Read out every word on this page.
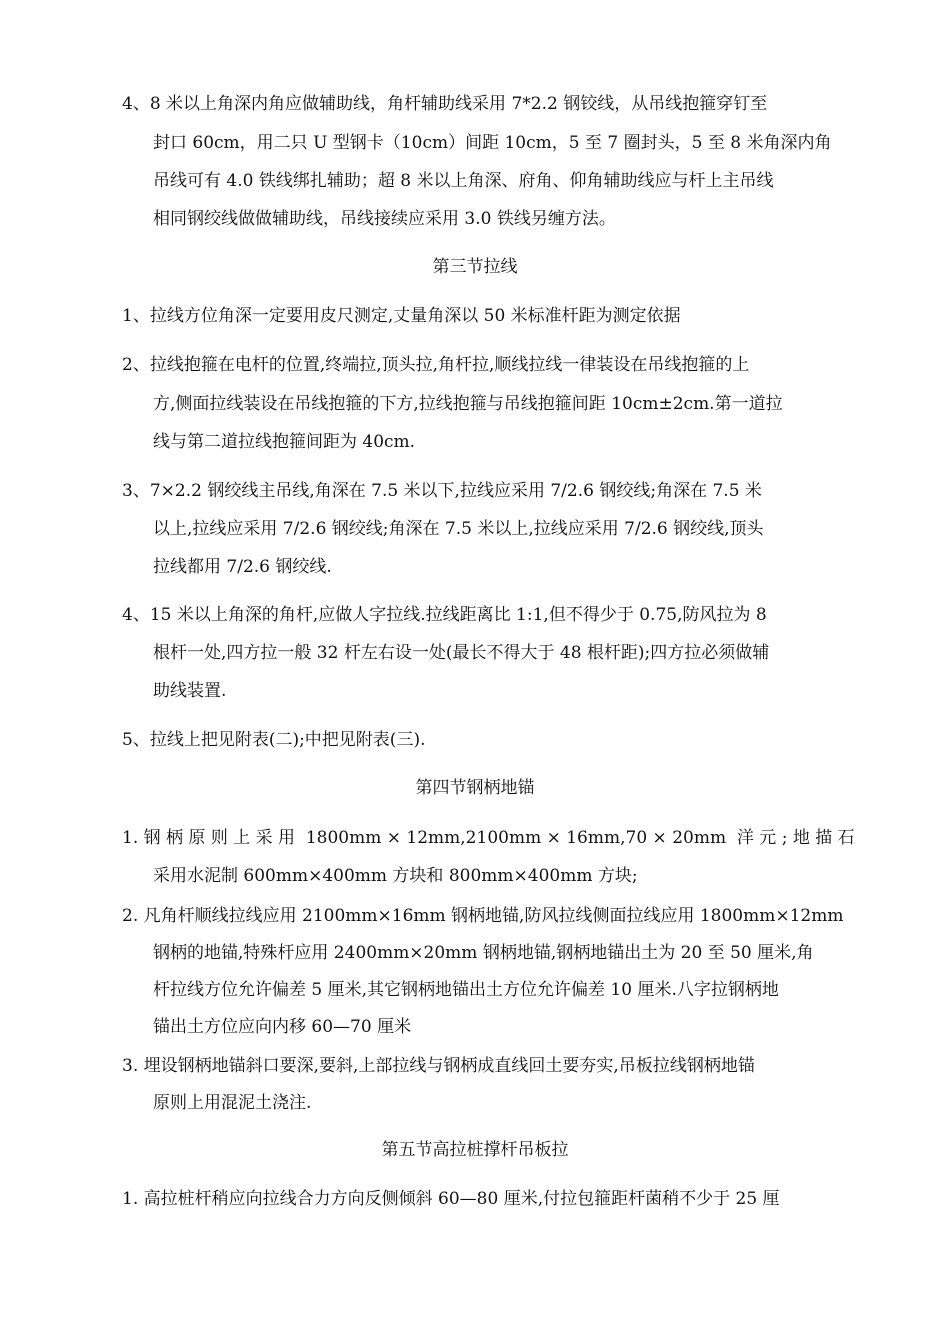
4、8 米以上角深内角应做辅助线，角杆辅助线采用 7*2.2 钢铰线，从吊线抱箍穿钉至
封口 60cm，用二只 U 型钢卡（10cm）间距 10cm，5 至 7 圈封头，5 至 8 米角深内角
吊线可有 4.0 铁线绑扎辅助；超 8 米以上角深、府角、仰角辅助线应与杆上主吊线
相同钢绞线做做辅助线，吊线接续应采用 3.0 铁线另缠方法。
第三节拉线
1、拉线方位角深一定要用皮尺测定,丈量角深以 50 米标准杆距为测定依据
2、拉线抱箍在电杆的位置,终端拉,顶头拉,角杆拉,顺线拉线一律装设在吊线抱箍的上
方,侧面拉线装设在吊线抱箍的下方,拉线抱箍与吊线抱箍间距 10cm±2cm.第一道拉
线与第二道拉线抱箍间距为 40cm.
3、7×2.2 钢绞线主吊线,角深在 7.5 米以下,拉线应采用 7/2.6 钢绞线;角深在 7.5 米
以上,拉线应采用 7/2.6 钢绞线;角深在 7.5 米以上,拉线应采用 7/2.6 钢绞线,顶头
拉线都用 7/2.6 钢绞线.
4、15 米以上角深的角杆,应做人字拉线.拉线距离比 1:1,但不得少于 0.75,防风拉为 8
根杆一处,四方拉一般 32 杆左右设一处(最长不得大于 48 根杆距);四方拉必须做辅
助线装置.
5、拉线上把见附表(二);中把见附表(三).
第四节钢柄地锚
1. 钢 柄 原 则 上 采 用  1800mm × 12mm,2100mm × 16mm,70 × 20mm  洋 元 ; 地 描 石
采用水泥制 600mm×400mm 方块和 800mm×400mm 方块;
2. 凡角杆顺线拉线应用 2100mm×16mm 钢柄地锚,防风拉线侧面拉线应用 1800mm×12mm
钢柄的地锚,特殊杆应用 2400mm×20mm 钢柄地锚,钢柄地锚出土为 20 至 50 厘米,角
杆拉线方位允许偏差 5 厘米,其它钢柄地锚出土方位允许偏差 10 厘米.八字拉钢柄地
锚出土方位应向内移 60—70 厘米
3. 埋设钢柄地锚斜口要深,要斜,上部拉线与钢柄成直线回土要夯实,吊板拉线钢柄地锚
原则上用混泥土浇注.
第五节高拉桩撑杆吊板拉
1. 高拉桩杆稍应向拉线合力方向反侧倾斜 60—80 厘米,付拉包箍距杆菌稍不少于 25 厘
